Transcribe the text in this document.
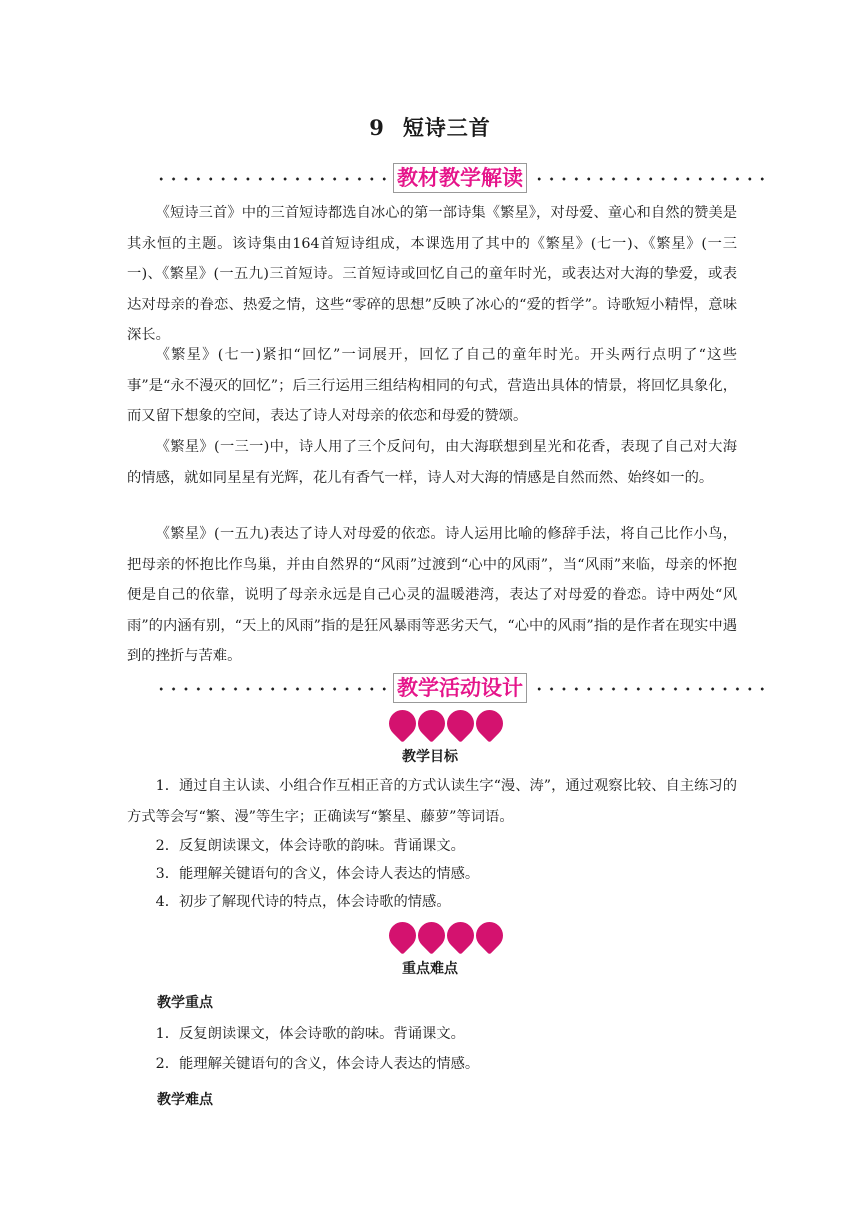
9 短诗三首
教材教学解读

《短诗三首》中的三首短诗都选自冰心的第一部诗集《繁星》，对母爱、童心和自然的赞美是其永恒的主题。该诗集由164首短诗组成，本课选用了其中的《繁星》(七一)、《繁星》(一三一)、《繁星》(一五九)三首短诗。三首短诗或回忆自己的童年时光，或表达对大海的挚爱，或表达对母亲的眷恋、热爱之情，这些“零碎的思想”反映了冰心的“爱的哲学”。诗歌短小精悍，意味深长。

《繁星》(七一)紧扣“回忆”一词展开，回忆了自己的童年时光。开头两行点明了“这些事”是“永不漫灭的回忆”；后三行运用三组结构相同的句式，营造出具体的情景，将回忆具象化，而又留下想象的空间，表达了诗人对母亲的依恋和母爱的赞颂。

《繁星》(一三一)中，诗人用了三个反问句，由大海联想到星光和花香，表现了自己对大海的情感，就如同星星有光辉，花儿有香气一样，诗人对大海的情感是自然而然、始终如一的。

《繁星》(一五九)表达了诗人对母爱的依恋。诗人运用比喻的修辞手法，将自己比作小鸟，把母亲的怀抱比作鸟巢，并由自然界的“风雨”过渡到“心中的风雨”，当“风雨”来临，母亲的怀抱便是自己的依靠，说明了母亲永远是自己心灵的温暖港湾，表达了对母爱的眷恋。诗中两处“风雨”的内涵有别，“天上的风雨”指的是狂风暴雨等恶劣天气，“心中的风雨”指的是作者在现实中遇到的挫折与苦难。

教学活动设计
教学目标

1．通过自主认读、小组合作互相正音的方式认读生字“漫、涛”，通过观察比较、自主练习的方式等会写“繁、漫”等生字；正确读写“繁星、藤萝”等词语。

2．反复朗读课文，体会诗歌的韵味。背诵课文。

3．能理解关键语句的含义，体会诗人表达的情感。

4．初步了解现代诗的特点，体会诗歌的情感。

重点难点
教学重点

1．反复朗读课文，体会诗歌的韵味。背诵课文。

2．能理解关键语句的含义，体会诗人表达的情感。

教学难点
